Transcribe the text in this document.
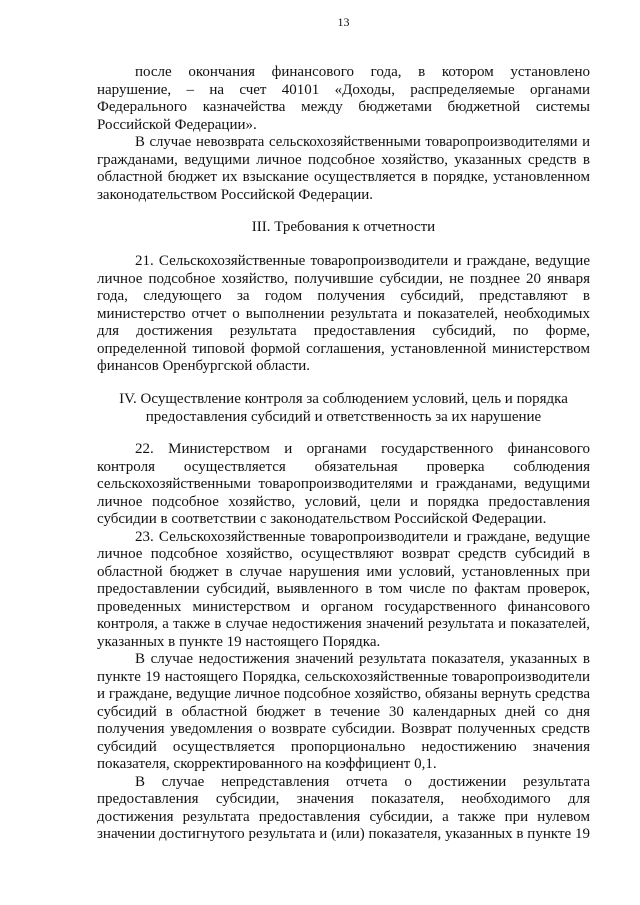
13
после окончания финансового года, в котором установлено
нарушение, – на счет 40101 «Доходы, распределяемые органами
Федерального казначейства между бюджетами бюджетной системы
Российской Федерации».
В случае невозврата сельскохозяйственными товаропроизводителями и
гражданами, ведущими личное подсобное хозяйство, указанных средств в
областной бюджет их взыскание осуществляется в порядке, установленном
законодательством Российской Федерации.
III. Требования к отчетности
21. Сельскохозяйственные товаропроизводители и граждане, ведущие
личное подсобное хозяйство, получившие субсидии, не позднее 20 января
года, следующего за годом получения субсидий, представляют в
министерство отчет о выполнении результата и показателей, необходимых
для достижения результата предоставления субсидий, по форме,
определенной типовой формой соглашения, установленной министерством
финансов Оренбургской области.
IV. Осуществление контроля за соблюдением условий, цель и порядка
предоставления субсидий и ответственность за их нарушение
22. Министерством и органами государственного финансового
контроля осуществляется обязательная проверка соблюдения
сельскохозяйственными товаропроизводителями и гражданами, ведущими
личное подсобное хозяйство, условий, цели и порядка предоставления
субсидии в соответствии с законодательством Российской Федерации.
23. Сельскохозяйственные товаропроизводители и граждане, ведущие
личное подсобное хозяйство, осуществляют возврат средств субсидий в
областной бюджет в случае нарушения ими условий, установленных при
предоставлении субсидий, выявленного в том числе по фактам проверок,
проведенных министерством и органом государственного финансового
контроля, а также в случае недостижения значений результата и показателей,
указанных в пункте 19 настоящего Порядка.
В случае недостижения значений результата показателя, указанных в
пункте 19 настоящего Порядка, сельскохозяйственные товаропроизводители
и граждане, ведущие личное подсобное хозяйство, обязаны вернуть средства
субсидий в областной бюджет в течение 30 календарных дней со дня
получения уведомления о возврате субсидии. Возврат полученных средств
субсидий осуществляется пропорционально недостижению значения
показателя, скорректированного на коэффициент 0,1.
В случае непредставления отчета о достижении результата
предоставления субсидии, значения показателя, необходимого для
достижения результата предоставления субсидии, а также при нулевом
значении достигнутого результата и (или) показателя, указанных в пункте 19
